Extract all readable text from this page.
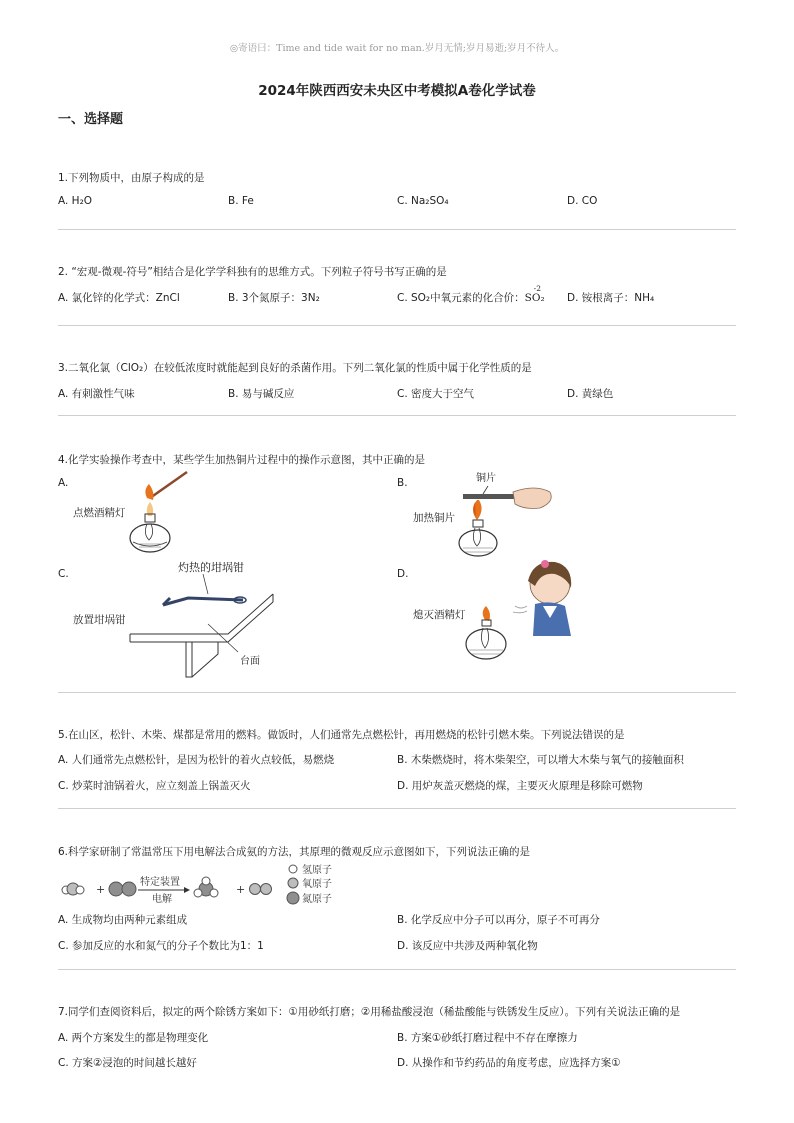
◎寄语曰：Time and tide wait for no man.岁月无情;岁月易逝;岁月不待人。
2024年陕西西安未央区中考模拟A卷化学试卷
一、选择题
1.下列物质中，由原子构成的是
A. H₂O	B. Fe	C. Na₂SO₄	D. CO
2. “宏观-微观-符号”相结合是化学学科独有的思维方式。下列粒子符号书写正确的是
A. 氯化锌的化学式：ZnCl	B. 3个氮原子：3N₂	C. SO₂中氧元素的化合价：
-2
SO₂ D. 铵根离子：NH₄
3.二氧化氯（ClO₂）在较低浓度时就能起到良好的杀菌作用。下列二氧化氯的性质中属于化学性质的是
A. 有刺激性气味	B. 易与碱反应	C. 密度大于空气	D. 黄绿色
4.化学实验操作考查中，某些学生加热铜片过程中的操作示意图，其中正确的是
A.
点燃酒精灯
B.
加热铜片
铜片
C.
放置坩埚钳
灼热的坩埚钳
台面
D.
熄灭酒精灯
5.在山区，松针、木柴、煤都是常用的燃料。做饭时，人们通常先点燃松针，再用燃烧的松针引燃木柴。下列说法错误的是
A. 人们通常先点燃松针，是因为松针的着火点较低，易燃烧	B. 木柴燃烧时，将木柴架空，可以增大木柴与氧气的接触面积
C. 炒菜时油锅着火，应立刻盖上锅盖灭火	D. 用炉灰盖灭燃烧的煤，主要灭火原理是移除可燃物
6.科学家研制了常温常压下用电解法合成氨的方法，其原理的微观反应示意图如下，下列说法正确的是
+
特定装置
电解
+
氢原子
氧原子
氮原子
A. 生成物均由两种元素组成	B. 化学反应中分子可以再分，原子不可再分
C. 参加反应的水和氮气的分子个数比为1：1	D. 该反应中共涉及两种氧化物
7.同学们查阅资料后，拟定的两个除锈方案如下：①用砂纸打磨；②用稀盐酸浸泡（稀盐酸能与铁锈发生反应）。下列有关说法正确的是
A. 两个方案发生的都是物理变化	B. 方案①砂纸打磨过程中不存在摩擦力
C. 方案②浸泡的时间越长越好	D. 从操作和节约药品的角度考虑，应选择方案①
